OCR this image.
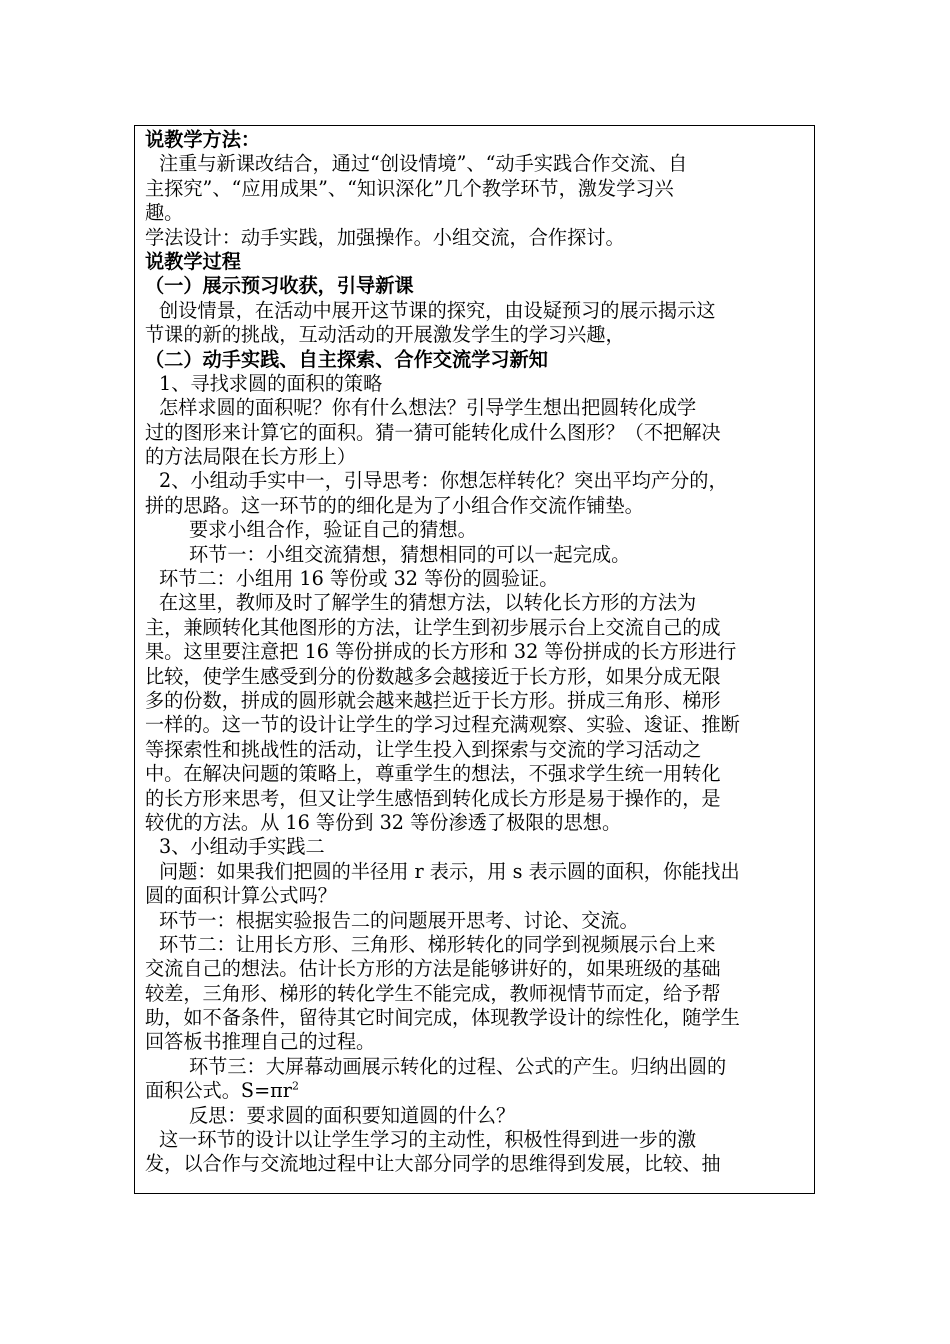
说教学方法：
注重与新课改结合，通过“创设情境”、“动手实践合作交流、自
主探究”、“应用成果”、“知识深化”几个教学环节，激发学习兴
趣。
学法设计：动手实践，加强操作。小组交流，合作探讨。
说教学过程
（一）展示预习收获，引导新课
创设情景，在活动中展开这节课的探究，由设疑预习的展示揭示这
节课的新的挑战，互动活动的开展激发学生的学习兴趣，
（二）动手实践、自主探索、合作交流学习新知
1、寻找求圆的面积的策略
怎样求圆的面积呢？你有什么想法？引导学生想出把圆转化成学
过的图形来计算它的面积。猜一猜可能转化成什么图形？（不把解决
的方法局限在长方形上）
2、小组动手实中一，引导思考：你想怎样转化？突出平均产分的，
拼的思路。这一环节的的细化是为了小组合作交流作铺垫。
要求小组合作，验证自己的猜想。
环节一：小组交流猜想，猜想相同的可以一起完成。
环节二：小组用 16 等份或 32 等份的圆验证。
在这里，教师及时了解学生的猜想方法，以转化长方形的方法为
主，兼顾转化其他图形的方法，让学生到初步展示台上交流自己的成
果。这里要注意把 16 等份拼成的长方形和 32 等份拼成的长方形进行
比较，使学生感受到分的份数越多会越接近于长方形，如果分成无限
多的份数，拼成的圆形就会越来越拦近于长方形。拼成三角形、梯形
一样的。这一节的设计让学生的学习过程充满观察、实验、逡证、推断
等探索性和挑战性的活动，让学生投入到探索与交流的学习活动之
中。在解决问题的策略上，尊重学生的想法，不强求学生统一用转化
的长方形来思考，但又让学生感悟到转化成长方形是易于操作的，是
较优的方法。从 16 等份到 32 等份渗透了极限的思想。
3、小组动手实践二
问题：如果我们把圆的半径用 r 表示，用 s 表示圆的面积，你能找出
圆的面积计算公式吗？
环节一：根据实验报告二的问题展开思考、讨论、交流。
环节二：让用长方形、三角形、梯形转化的同学到视频展示台上来
交流自己的想法。估计长方形的方法是能够讲好的，如果班级的基础
较差，三角形、梯形的转化学生不能完成，教师视情节而定，给予帮
助，如不备条件，留待其它时间完成，体现教学设计的综性化，随学生
回答板书推理自己的过程。
环节三：大屏幕动画展示转化的过程、公式的产生。归纳出圆的
面积公式。$S=\pi r^2$
反思：要求圆的面积要知道圆的什么？
这一环节的设计以让学生学习的主动性，积极性得到进一步的激
发，以合作与交流地过程中让大部分同学的思维得到发展，比较、抽
